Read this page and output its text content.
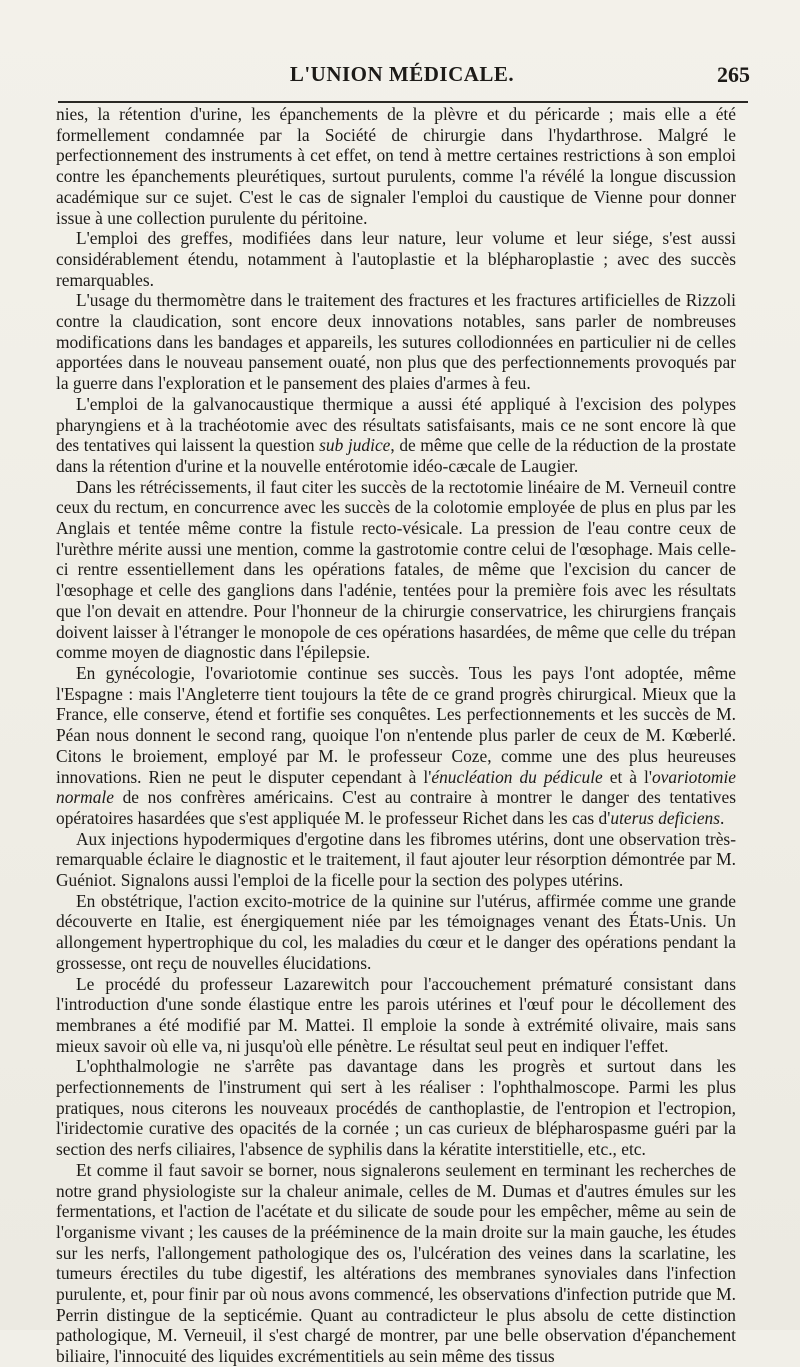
L'UNION MÉDICALE.	265

nies, la rétention d'urine, les épanchements de la plèvre et du péricarde ; mais elle a été formellement condamnée par la Société de chirurgie dans l'hydarthrose. Malgré le perfectionnement des instruments à cet effet, on tend à mettre certaines restrictions à son emploi contre les épanchements pleurétiques, surtout purulents, comme l'a révélé la longue discussion académique sur ce sujet. C'est le cas de signaler l'emploi du caustique de Vienne pour donner issue à une collection purulente du péritoine.

L'emploi des greffes, modifiées dans leur nature, leur volume et leur siége, s'est aussi considérablement étendu, notamment à l'autoplastie et la blépharoplastie ; avec des succès remarquables.

L'usage du thermomètre dans le traitement des fractures et les fractures artificielles de Rizzoli contre la claudication, sont encore deux innovations notables, sans parler de nombreuses modifications dans les bandages et appareils, les sutures collodionnées en particulier ni de celles apportées dans le nouveau pansement ouaté, non plus que des perfectionnements provoqués par la guerre dans l'exploration et le pansement des plaies d'armes à feu.

L'emploi de la galvanocaustique thermique a aussi été appliqué à l'excision des polypes pharyngiens et à la trachéotomie avec des résultats satisfaisants, mais ce ne sont encore là que des tentatives qui laissent la question sub judice, de même que celle de la réduction de la prostate dans la rétention d'urine et la nouvelle entérotomie idéo-cæcale de Laugier.

Dans les rétrécissements, il faut citer les succès de la rectotomie linéaire de M. Verneuil contre ceux du rectum, en concurrence avec les succès de la colotomie employée de plus en plus par les Anglais et tentée même contre la fistule recto-vésicale. La pression de l'eau contre ceux de l'urèthre mérite aussi une mention, comme la gastrotomie contre celui de l'œsophage. Mais celle-ci rentre essentiellement dans les opérations fatales, de même que l'excision du cancer de l'œsophage et celle des ganglions dans l'adénie, tentées pour la première fois avec les résultats que l'on devait en attendre. Pour l'honneur de la chirurgie conservatrice, les chirurgiens français doivent laisser à l'étranger le monopole de ces opérations hasardées, de même que celle du trépan comme moyen de diagnostic dans l'épilepsie.

En gynécologie, l'ovariotomie continue ses succès. Tous les pays l'ont adoptée, même l'Espagne : mais l'Angleterre tient toujours la tête de ce grand progrès chirurgical. Mieux que la France, elle conserve, étend et fortifie ses conquêtes. Les perfectionnements et les succès de M. Péan nous donnent le second rang, quoique l'on n'entende plus parler de ceux de M. Kœberlé. Citons le broiement, employé par M. le professeur Coze, comme une des plus heureuses innovations. Rien ne peut le disputer cependant à l'énucléation du pédicule et à l'ovariotomie normale de nos confrères américains. C'est au contraire à montrer le danger des tentatives opératoires hasardées que s'est appliquée M. le professeur Richet dans les cas d'uterus deficiens.

Aux injections hypodermiques d'ergotine dans les fibromes utérins, dont une observation très-remarquable éclaire le diagnostic et le traitement, il faut ajouter leur résorption démontrée par M. Guéniot. Signalons aussi l'emploi de la ficelle pour la section des polypes utérins.

En obstétrique, l'action excito-motrice de la quinine sur l'utérus, affirmée comme une grande découverte en Italie, est énergiquement niée par les témoignages venant des États-Unis. Un allongement hypertrophique du col, les maladies du cœur et le danger des opérations pendant la grossesse, ont reçu de nouvelles élucidations.

Le procédé du professeur Lazarewitch pour l'accouchement prématuré consistant dans l'introduction d'une sonde élastique entre les parois utérines et l'œuf pour le décollement des membranes a été modifié par M. Mattei. Il emploie la sonde à extrémité olivaire, mais sans mieux savoir où elle va, ni jusqu'où elle pénètre. Le résultat seul peut en indiquer l'effet.

L'ophthalmologie ne s'arrête pas davantage dans les progrès et surtout dans les perfectionnements de l'instrument qui sert à les réaliser : l'ophthalmoscope. Parmi les plus pratiques, nous citerons les nouveaux procédés de canthoplastie, de l'entropion et l'ectropion, l'iridectomie curative des opacités de la cornée ; un cas curieux de blépharospasme guéri par la section des nerfs ciliaires, l'absence de syphilis dans la kératite interstitielle, etc., etc.

Et comme il faut savoir se borner, nous signalerons seulement en terminant les recherches de notre grand physiologiste sur la chaleur animale, celles de M. Dumas et d'autres émules sur les fermentations, et l'action de l'acétate et du silicate de soude pour les empêcher, même au sein de l'organisme vivant ; les causes de la prééminence de la main droite sur la main gauche, les études sur les nerfs, l'allongement pathologique des os, l'ulcération des veines dans la scarlatine, les tumeurs érectiles du tube digestif, les altérations des membranes synoviales dans l'infection purulente, et, pour finir par où nous avons commencé, les observations d'infection putride que M. Perrin distingue de la septicémie. Quant au contradicteur le plus absolu de cette distinction pathologique, M. Verneuil, il s'est chargé de montrer, par une belle observation d'épanchement biliaire, l'innocuité des liquides excrémentitiels au sein même des tissus
